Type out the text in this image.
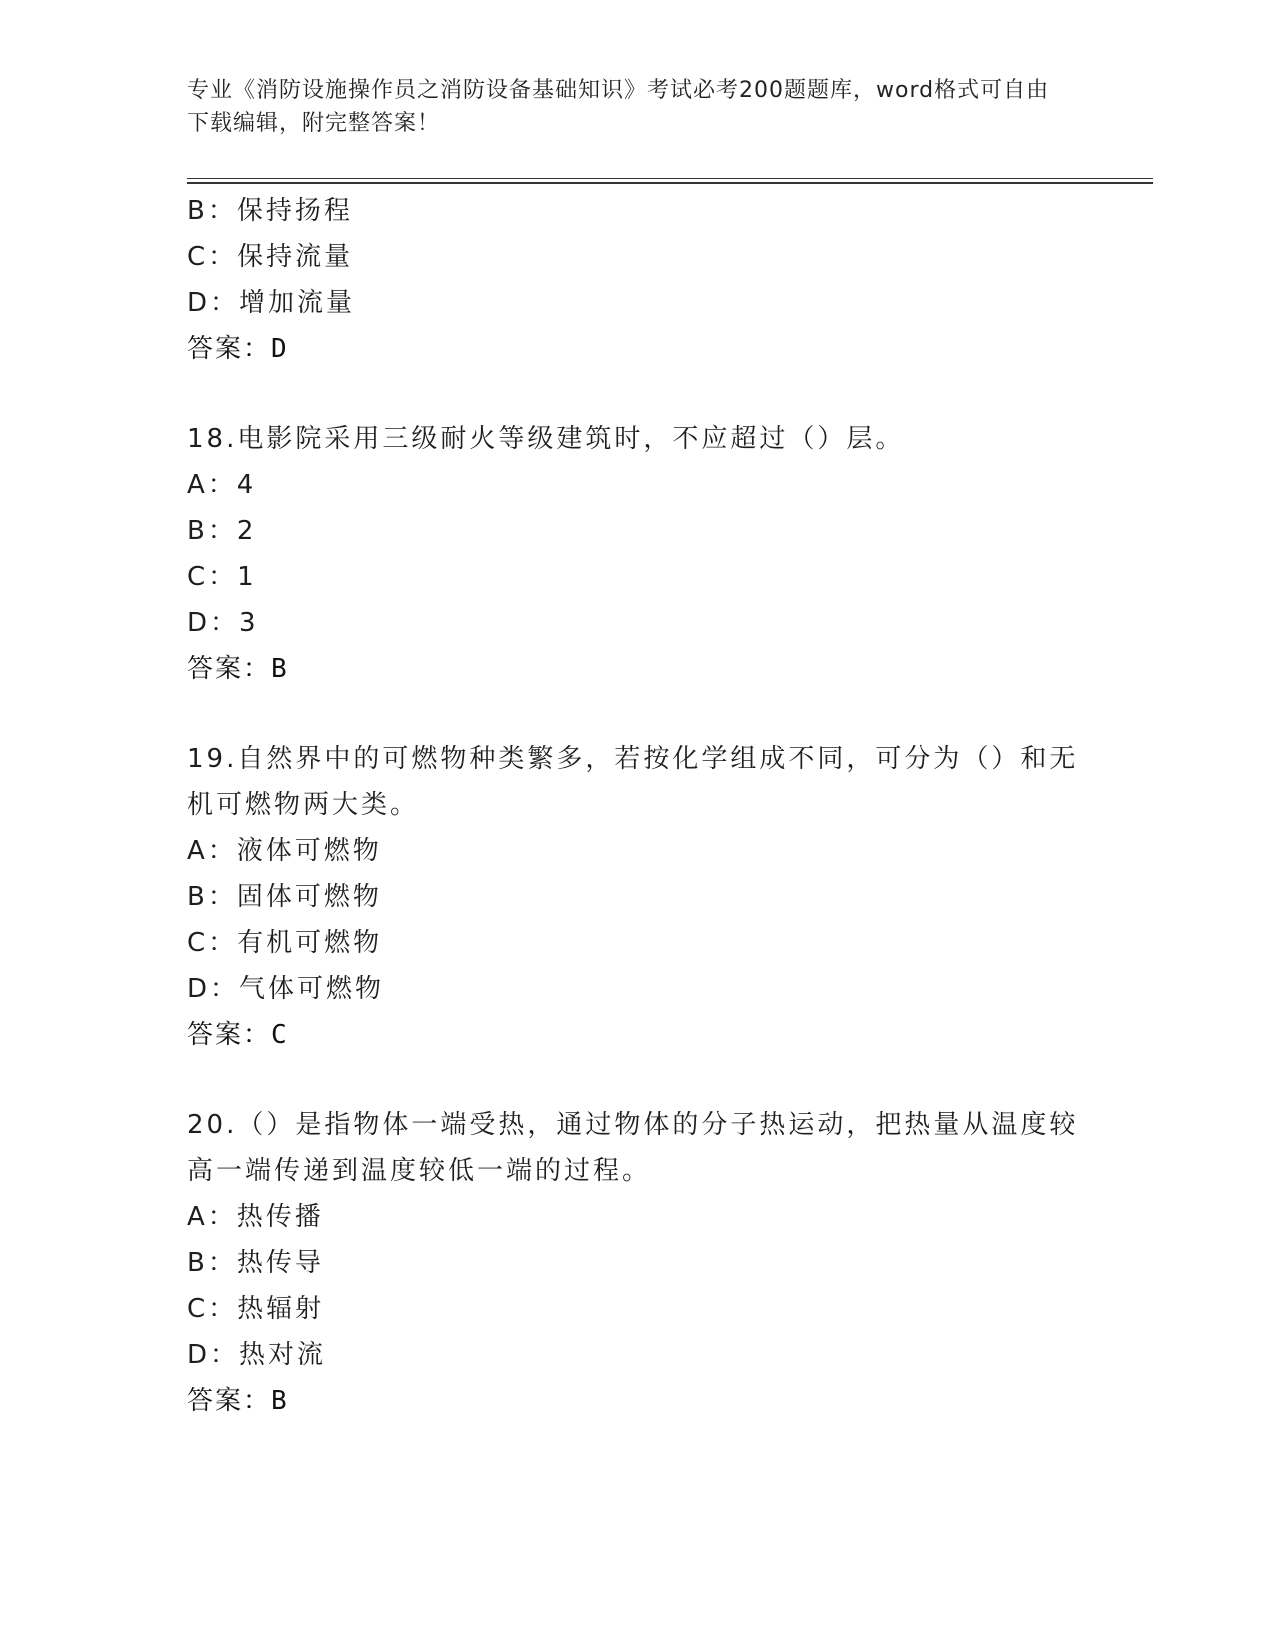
专业《消防设施操作员之消防设备基础知识》考试必考200题题库，word格式可自由下载编辑，附完整答案！
B：保持扬程
C：保持流量
D：增加流量
答案：D
18.电影院采用三级耐火等级建筑时，不应超过（）层。
A：4
B：2
C：1
D：3
答案：B
19.自然界中的可燃物种类繁多，若按化学组成不同，可分为（）和无机可燃物两大类。
A：液体可燃物
B：固体可燃物
C：有机可燃物
D：气体可燃物
答案：C
20.（）是指物体一端受热，通过物体的分子热运动，把热量从温度较高一端传递到温度较低一端的过程。
A：热传播
B：热传导
C：热辐射
D：热对流
答案：B
